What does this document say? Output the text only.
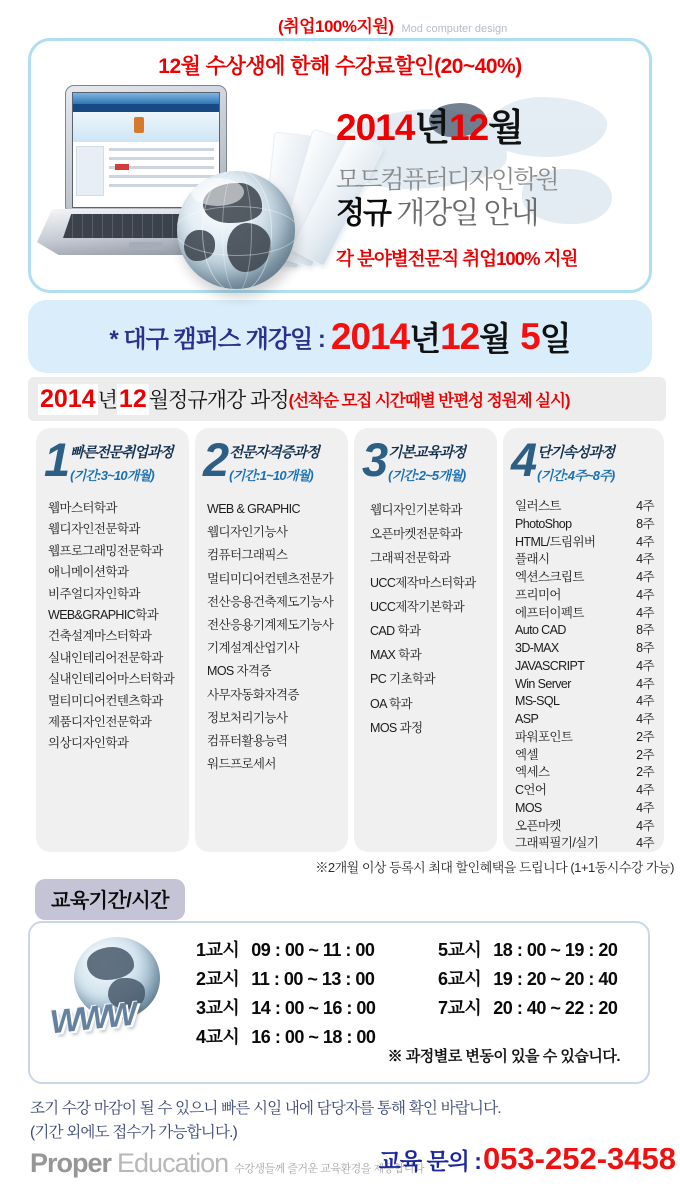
(취업100%지원) Mod computer design
12월 수상생에 한해 수강료할인(20~40%)
2014년12월
모드컴퓨터디자인학원
정규 개강일 안내
각 분야별전문직 취업100% 지원
* 대구 캠퍼스 개강일 : 2014 년 12 월 5 일
2014 년 12 월 정규개강 과정 (선착순 모집 시간때별 반편성 정원제 실시)
1 빠른전문취업과정
(기간:3~10개월)
웹마스터학과
웹디자인전문학과
웹프로그래밍전문학과
애니메이션학과
비주얼디자인학과
WEB&GRAPHIC학과
건축설계마스터학과
실내인테리어전문학과
실내인테리어마스터학과
멀티미디어컨텐츠학과
제품디자인전문학과
의상디자인학과
2 전문자격증과정
(기간:1~10개월)
WEB & GRAPHIC
웹디자인기능사
컴퓨터그래픽스
멀티미디어컨텐츠전문가
전산응용건축제도기능사
전산응용기계제도기능사
기계설계산업기사
MOS 자격증
사무자동화자격증
정보처리기능사
컴퓨터활용능력
워드프로세서
3 기본교육과정
(기간:2~5개월)
웹디자인기본학과
오픈마켓전문학과
그래픽전문학과
UCC제작마스터학과
UCC제작기본학과
CAD 학과
MAX 학과
PC 기초학과
OA 학과
MOS 과정
4 단기속성과정
(기간:4주~8주)
일러스트	4주
PhotoShop	8주
HTML/드림위버	4주
플래시	4주
엑션스크립트	4주
프리미어	4주
에프터이펙트	4주
Auto CAD	8주
3D-MAX	8주
JAVASCRIPT	4주
Win Server	4주
MS-SQL	4주
ASP	4주
파워포인트	2주
엑셀	2주
엑세스	2주
C언어	4주
MOS	4주
오픈마켓	4주
그래픽필기/실기	4주
※2개월 이상 등록시 최대 할인혜택을 드립니다 (1+1동시수강 가능)
교육기간/시간
WWW
1교시 09 : 00 ~ 11 : 00
2교시 11 : 00 ~ 13 : 00
3교시 14 : 00 ~ 16 : 00
4교시 16 : 00 ~ 18 : 00
5교시 18 : 00 ~ 19 : 20
6교시 19 : 20 ~ 20 : 40
7교시 20 : 40 ~ 22 : 20
※ 과정별로 변동이 있을 수 있습니다.
조기 수강 마감이 될 수 있으니 빠른 시일 내에 담당자를 통해 확인 바랍니다.
(기간 외에도 접수가 가능합니다.)
Proper Education 수강생들께 즐거운 교육환경을 제공합니다
교육 문의 : 053-252-3458
